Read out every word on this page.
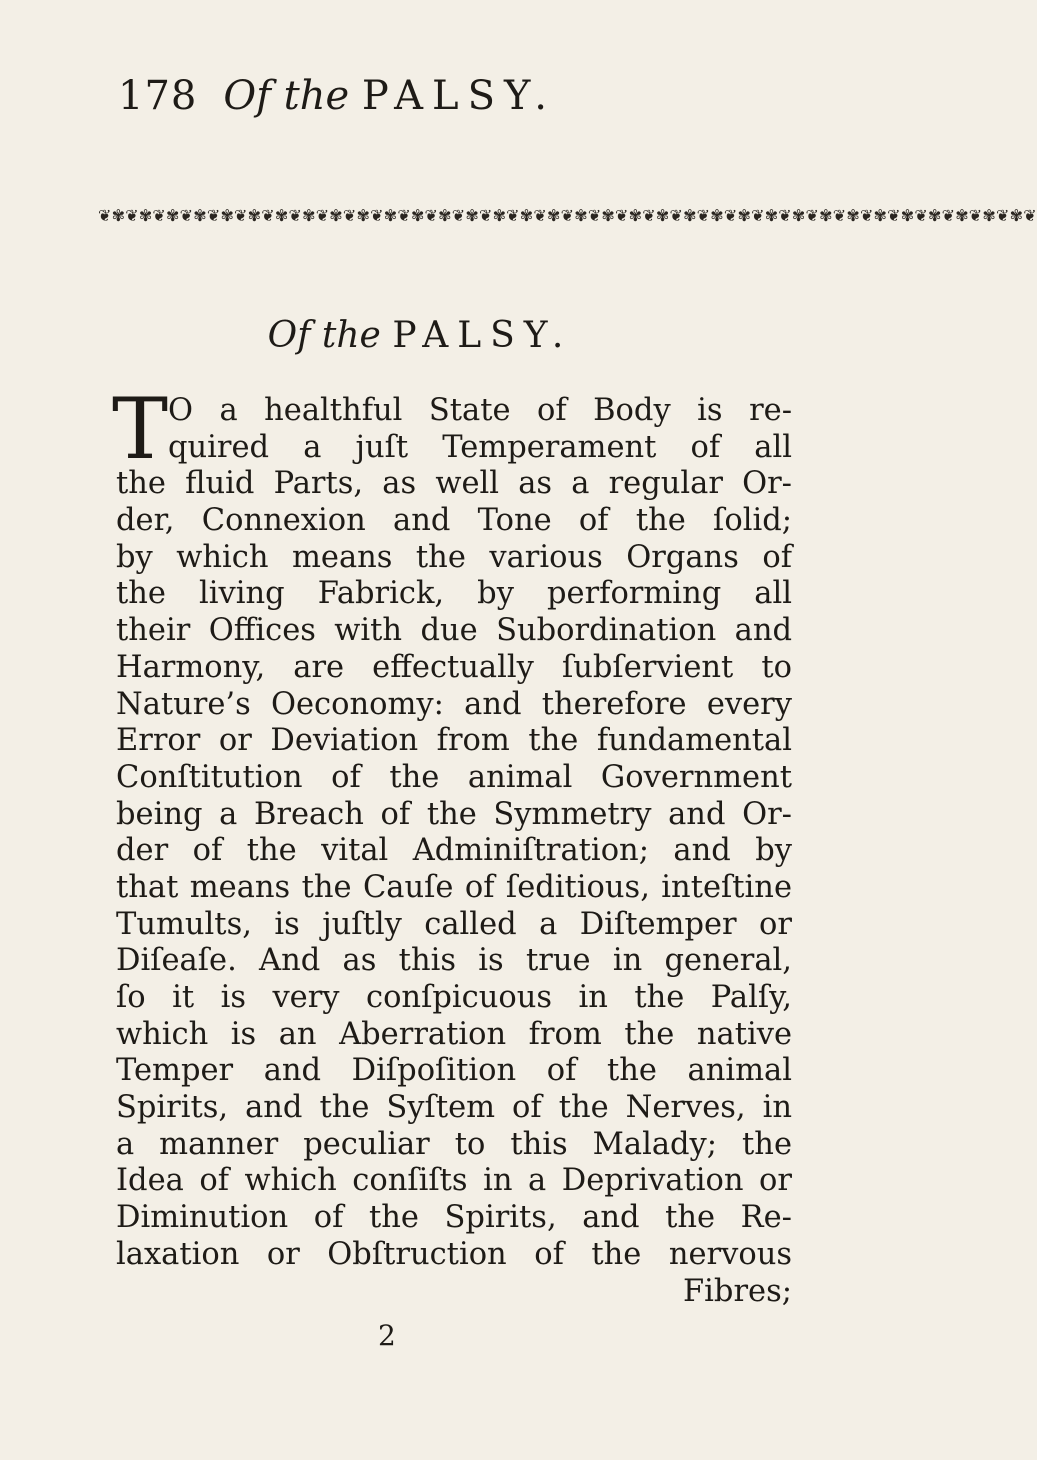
178 Of the PALSY.
❦✾❦✾❦✾❦✾❦✾❦✾❦✾❦✾❦✾❦✾❦✾❦✾❦✾❦✾❦✾❦✾❦✾❦✾❦✾❦✾❦✾❦✾❦✾❦✾❦✾❦✾❦✾❦✾❦✾❦✾❦✾❦✾❦✾❦✾❦
Of the PALSY.
T O a healthful State of Body is re-
quired a juſt Temperament of all
the fluid Parts, as well as a regular Or-
der, Connexion and Tone of the ſolid;
by which means the various Organs of
the living Fabrick, by performing all
their Offices with due Subordination and
Harmony, are effectually ſubſervient to
Nature’s Oeconomy: and therefore every
Error or Deviation from the fundamental
Conſtitution of the animal Government
being a Breach of the Symmetry and Or-
der of the vital Adminiſtration; and by
that means the Cauſe of ſeditious, inteſtine
Tumults, is juſtly called a Diſtemper or
Diſeaſe. And as this is true in general,
ſo it is very conſpicuous in the Palſy,
which is an Aberration from the native
Temper and Diſpoſition of the animal
Spirits, and the Syſtem of the Nerves, in
a manner peculiar to this Malady; the
Idea of which conſiſts in a Deprivation or
Diminution of the Spirits, and the Re-
laxation or Obſtruction of the nervous
Fibres;
2
